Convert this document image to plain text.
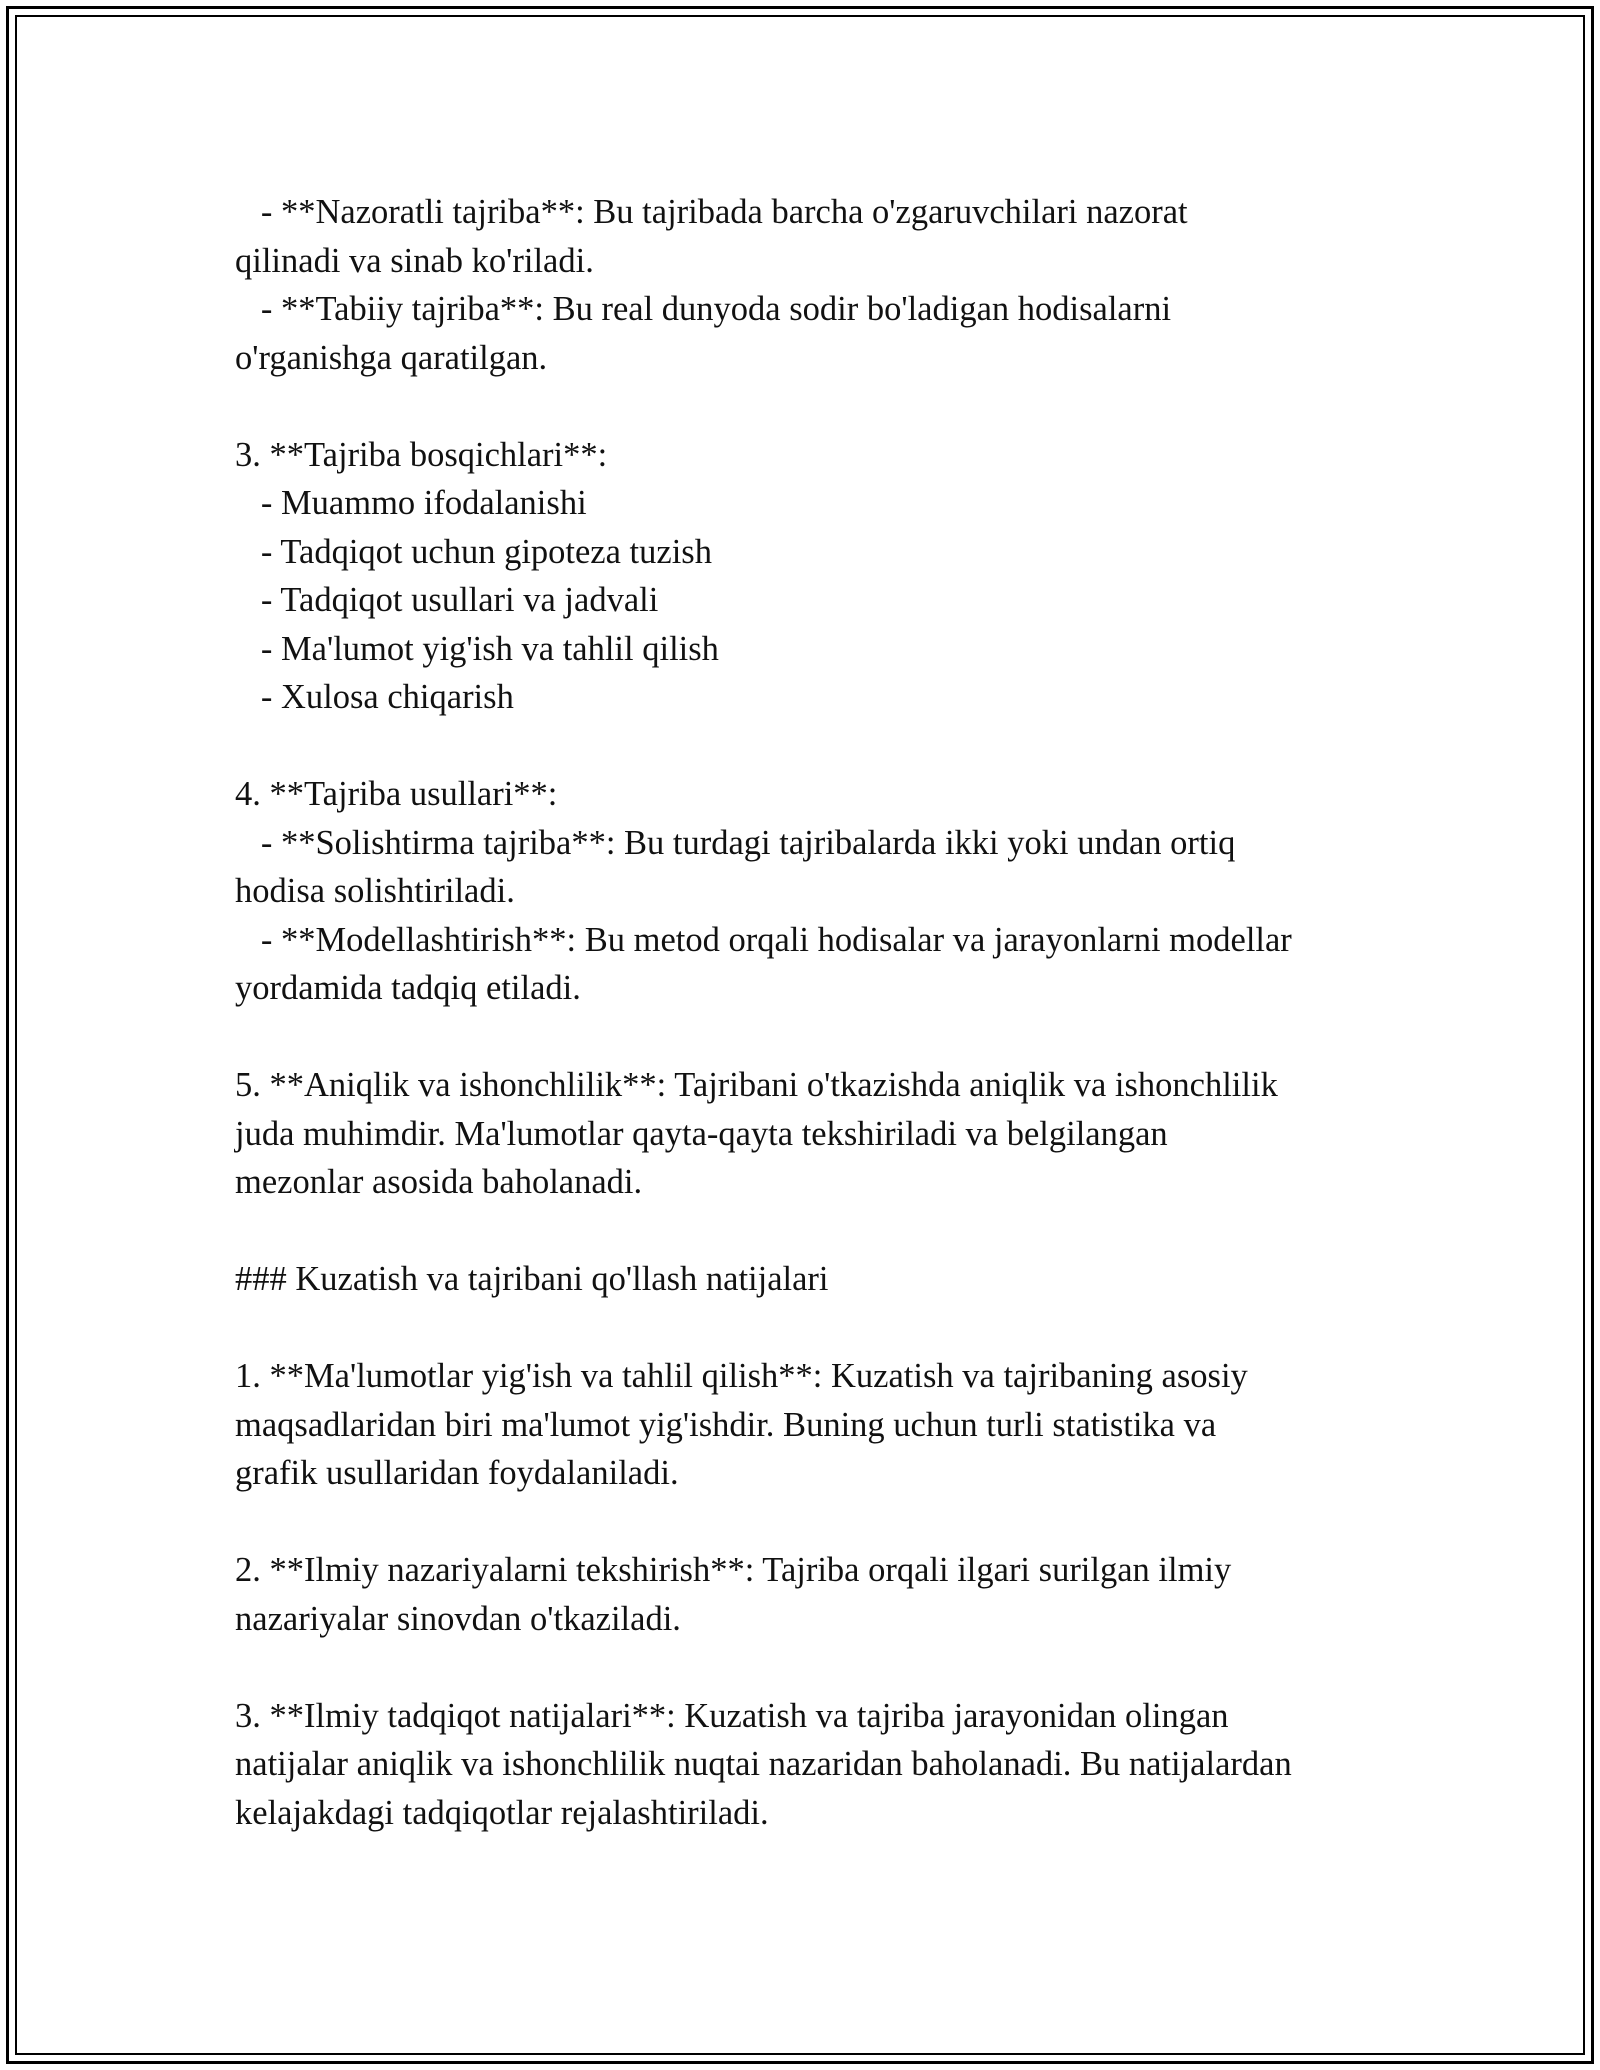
- **Nazoratli tajriba**: Bu tajribada barcha o'zgaruvchilari nazorat
qilinadi va sinab ko'riladi.
- **Tabiiy tajriba**: Bu real dunyoda sodir bo'ladigan hodisalarni
o'rganishga qaratilgan.
3. **Tajriba bosqichlari**:
- Muammo ifodalanishi
- Tadqiqot uchun gipoteza tuzish
- Tadqiqot usullari va jadvali
- Ma'lumot yig'ish va tahlil qilish
- Xulosa chiqarish
4. **Tajriba usullari**:
- **Solishtirma tajriba**: Bu turdagi tajribalarda ikki yoki undan ortiq
hodisa solishtiriladi.
- **Modellashtirish**: Bu metod orqali hodisalar va jarayonlarni modellar
yordamida tadqiq etiladi.
5. **Aniqlik va ishonchlilik**: Tajribani o'tkazishda aniqlik va ishonchlilik
juda muhimdir. Ma'lumotlar qayta-qayta tekshiriladi va belgilangan
mezonlar asosida baholanadi.
### Kuzatish va tajribani qo'llash natijalari
1. **Ma'lumotlar yig'ish va tahlil qilish**: Kuzatish va tajribaning asosiy
maqsadlaridan biri ma'lumot yig'ishdir. Buning uchun turli statistika va
grafik usullaridan foydalaniladi.
2. **Ilmiy nazariyalarni tekshirish**: Tajriba orqali ilgari surilgan ilmiy
nazariyalar sinovdan o'tkaziladi.
3. **Ilmiy tadqiqot natijalari**: Kuzatish va tajriba jarayonidan olingan
natijalar aniqlik va ishonchlilik nuqtai nazaridan baholanadi. Bu natijalardan
kelajakdagi tadqiqotlar rejalashtiriladi.
